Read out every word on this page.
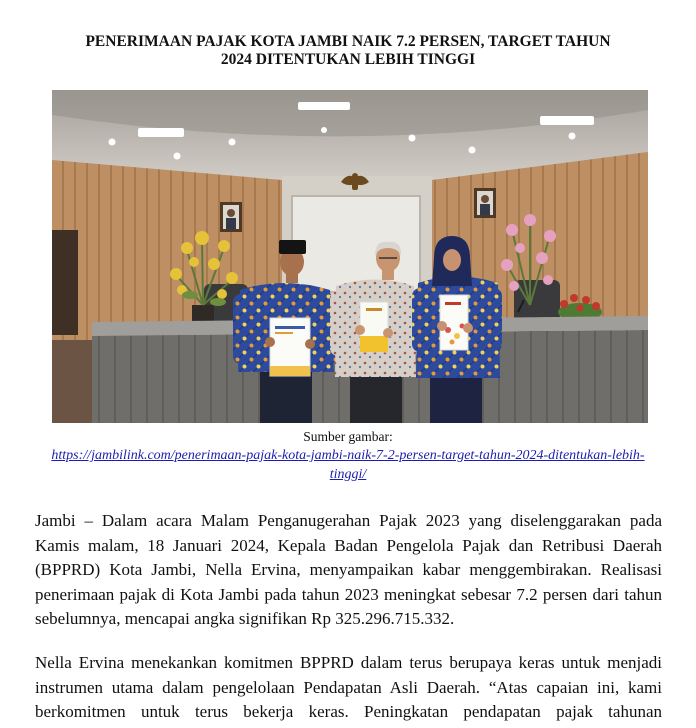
PENERIMAAN PAJAK KOTA JAMBI NAIK 7.2 PERSEN, TARGET TAHUN
2024 DITENTUKAN LEBIH TINGGI
Sumber gambar:
https://jambilink.com/penerimaan-pajak-kota-jambi-naik-7-2-persen-target-tahun-2024-ditentukan-lebih-
tinggi/

Jambi – Dalam acara Malam Penganugerahan Pajak 2023 yang diselenggarakan pada
Kamis malam, 18 Januari 2024, Kepala Badan Pengelola Pajak dan Retribusi Daerah
(BPPRD) Kota Jambi, Nella Ervina, menyampaikan kabar menggembirakan. Realisasi
penerimaan pajak di Kota Jambi pada tahun 2023 meningkat sebesar 7.2 persen dari tahun
sebelumnya, mencapai angka signifikan Rp 325.296.715.332.

Nella Ervina menekankan komitmen BPPRD dalam terus berupaya keras untuk menjadi
instrumen utama dalam pengelolaan Pendapatan Asli Daerah. “Atas capaian ini, kami
berkomitmen untuk terus bekerja keras. Peningkatan pendapatan pajak tahunan
